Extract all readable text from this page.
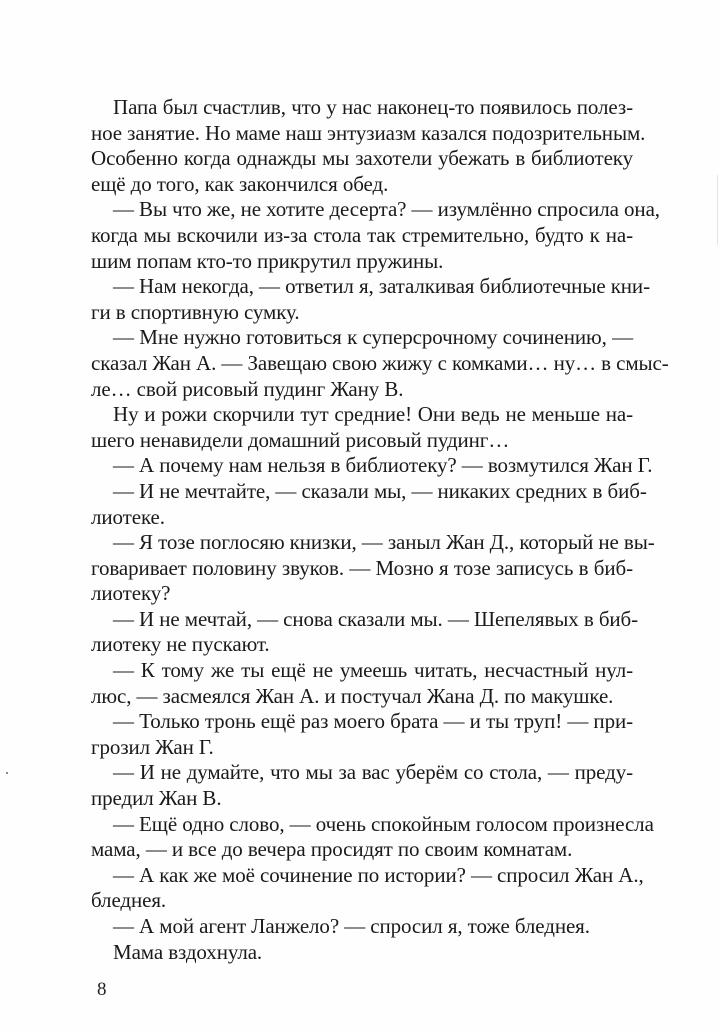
Папа был счастлив, что у нас наконец-то появилось полез-
ное занятие. Но маме наш энтузиазм казался подозрительным.
Особенно когда однажды мы захотели убежать в библиотеку
ещё до того, как закончился обед.
— Вы что же, не хотите десерта? — изумлённо спросила она,
когда мы вскочили из-за стола так стремительно, будто к на-
шим попам кто-то прикрутил пружины.
— Нам некогда, — ответил я, заталкивая библиотечные кни-
ги в спортивную сумку.
— Мне нужно готовиться к суперсрочному сочинению, —
сказал Жан А. — Завещаю свою жижу с комками… ну… в смыс-
ле… свой рисовый пудинг Жану В.
Ну и рожи скорчили тут средние! Они ведь не меньше на-
шего ненавидели домашний рисовый пудинг…
— А почему нам нельзя в библиотеку? — возмутился Жан Г.
— И не мечтайте, — сказали мы, — никаких средних в биб-
лиотеке.
— Я тозе поглосяю книзки, — заныл Жан Д., который не вы-
говаривает половину звуков. — Мозно я тозе записусь в биб-
лиотеку?
— И не мечтай, — снова сказали мы. — Шепелявых в биб-
лиотеку не пускают.
— К тому же ты ещё не умеешь читать, несчастный нул-
люс, — засмеялся Жан А. и постучал Жана Д. по макушке.
— Только тронь ещё раз моего брата — и ты труп! — при-
грозил Жан Г.
— И не думайте, что мы за вас уберём со стола, — преду-
предил Жан В.
— Ещё одно слово, — очень спокойным голосом произнесла
мама, — и все до вечера просидят по своим комнатам.
— А как же моё сочинение по истории? — спросил Жан А.,
бледнея.
— А мой агент Ланжело? — спросил я, тоже бледнея.
Мама вздохнула.
8
